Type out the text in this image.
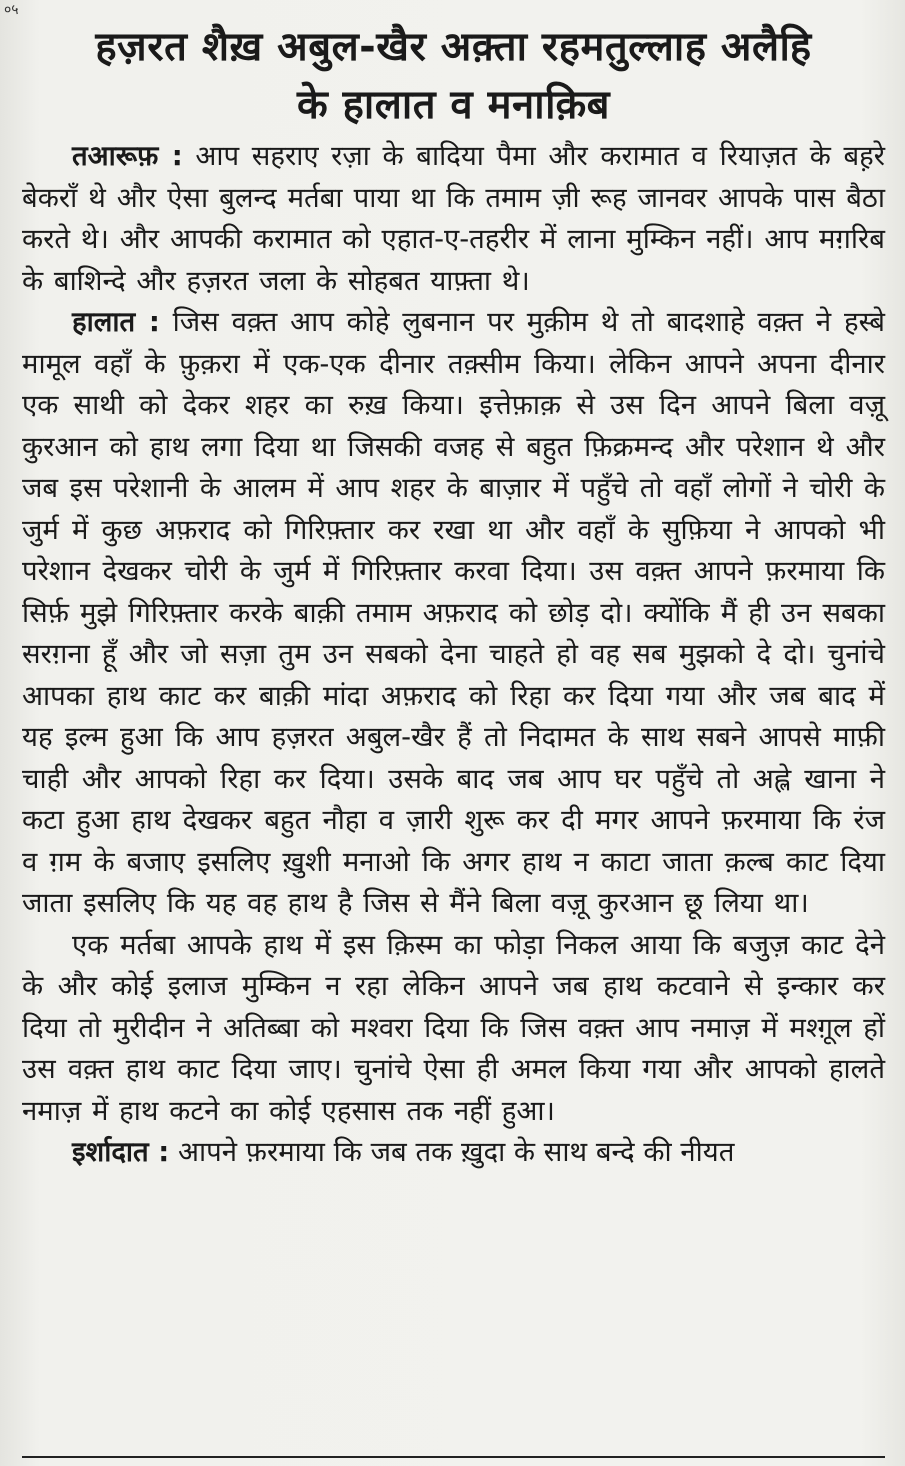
०५
हज़रत शैख़ अबुल-खैर अक़्ता रहमतुल्लाह अलैहि
के हालात व मनाक़िब

तआरूफ़ : आप सहराए रज़ा के बादिया पैमा और करामात व रियाज़त के बह़रे बेकराँ थे और ऐसा बुलन्द मर्तबा पाया था कि तमाम ज़ी रूह जानवर आपके पास बैठा करते थे। और आपकी करामात को एहात-ए-तहरीर में लाना मुम्किन नहीं। आप मग़रिब के बाशिन्दे और हज़रत जला के सोहबत याफ़्ता थे।

हालात : जिस वक़्त आप कोहे लुबनान पर मुक़ीम थे तो बादशाहे वक़्त ने हस्बे मामूल वहाँ के फ़ुक़रा में एक-एक दीनार तक़्सीम किया। लेकिन आपने अपना दीनार एक साथी को देकर शहर का रुख़ किया। इत्तेफ़ाक़ से उस दिन आपने बिला वज़ू कुरआन को हाथ लगा दिया था जिसकी वजह से बहुत फ़िक्रमन्द और परेशान थे और जब इस परेशानी के आलम में आप शहर के बाज़ार में पहुँचे तो वहाँ लोगों ने चोरी के जुर्म में कुछ अफ़राद को गिरिफ़्तार कर रखा था और वहाँ के सुफ़िया ने आपको भी परेशान देखकर चोरी के जुर्म में गिरिफ़्तार करवा दिया। उस वक़्त आपने फ़रमाया कि सिर्फ़ मुझे गिरिफ़्तार करके बाक़ी तमाम अफ़राद को छोड़ दो। क्योंकि मैं ही उन सबका सरग़ना हूँ और जो सज़ा तुम उन सबको देना चाहते हो वह सब मुझको दे दो। चुनांचे आपका हाथ काट कर बाक़ी मांदा अफ़राद को रिहा कर दिया गया और जब बाद में यह इल्म हुआ कि आप हज़रत अबुल-खैर हैं तो निदामत के साथ सबने आपसे माफ़ी चाही और आपको रिहा कर दिया। उसके बाद जब आप घर पहुँचे तो अह्ले खाना ने कटा हुआ हाथ देखकर बहुत नौहा व ज़ारी शुरू कर दी मगर आपने फ़रमाया कि रंज व ग़म के बजाए इसलिए ख़ुशी मनाओ कि अगर हाथ न काटा जाता क़ल्ब काट दिया जाता इसलिए कि यह वह हाथ है जिस से मैंने बिला वज़ू कुरआन छू लिया था।

एक मर्तबा आपके हाथ में इस क़िस्म का फोड़ा निकल आया कि बजुज़ काट देने के और कोई इलाज मुम्किन न रहा लेकिन आपने जब हाथ कटवाने से इन्कार कर दिया तो मुरीदीन ने अतिब्बा को मश्वरा दिया कि जिस वक़्त आप नमाज़ में मश्ग़ूल हों उस वक़्त हाथ काट दिया जाए। चुनांचे ऐसा ही अमल किया गया और आपको हालते नमाज़ में हाथ कटने का कोई एहसास तक नहीं हुआ।

इर्शादात : आपने फ़रमाया कि जब तक ख़ुदा के साथ बन्दे की नीयत
